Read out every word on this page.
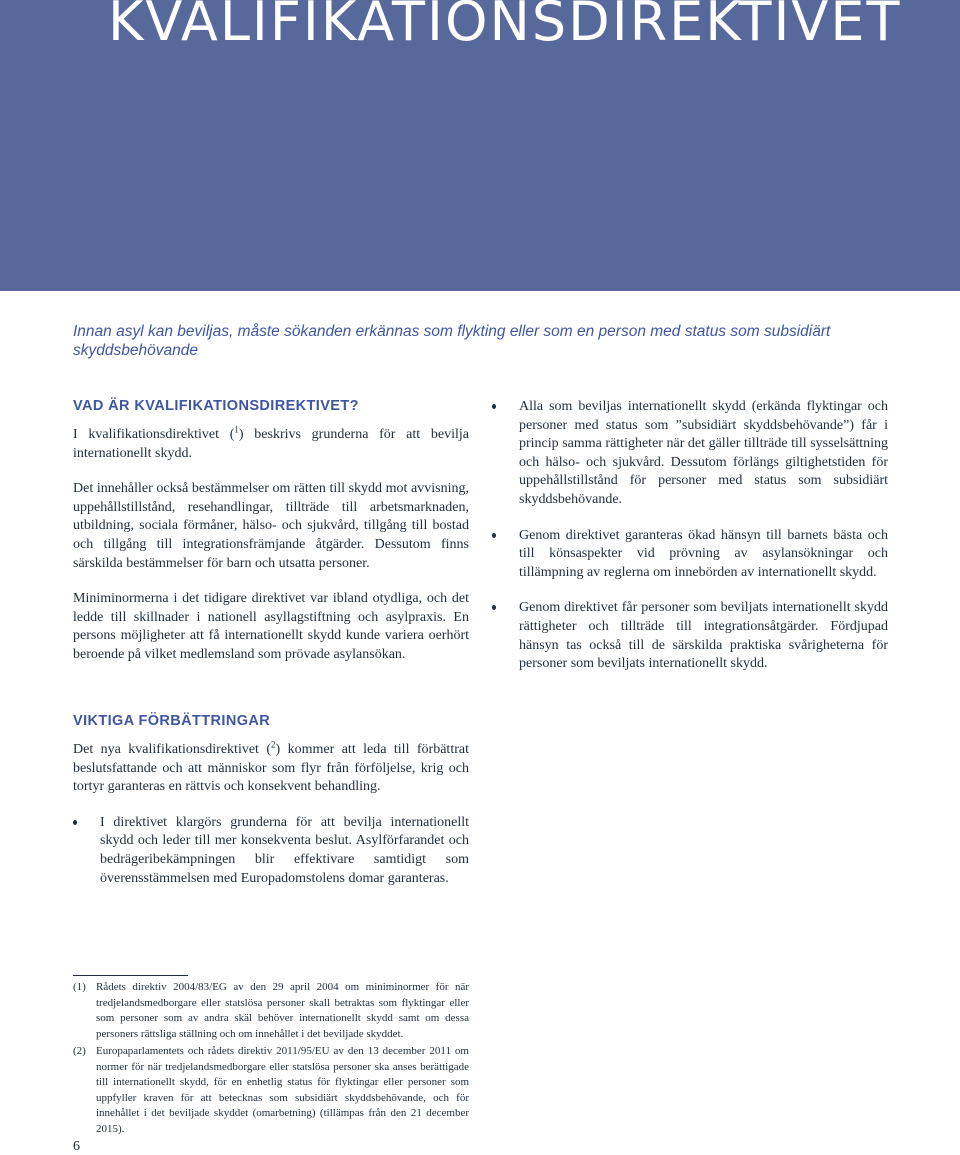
KVALIFIKATIONSDIREKTIVET
Innan asyl kan beviljas, måste sökanden erkännas som flykting eller som en person med status som subsidiärt skyddsbehövande
VAD ÄR KVALIFIKATIONSDIREKTIVET?

I kvalifikationsdirektivet ($^1$) beskrivs grunderna för att bevilja internationellt skydd.

Det innehåller också bestämmelser om rätten till skydd mot avvisning, uppehållstillstånd, resehandlingar, tillträde till arbetsmarknaden, utbildning, sociala förmåner, hälso- och sjukvård, tillgång till bostad och tillgång till integrationsfrämjande åtgärder. Dessutom finns särskilda bestämmelser för barn och utsatta personer.

Miniminormerna i det tidigare direktivet var ibland otydliga, och det ledde till skillnader i nationell asyllagstiftning och asylpraxis. En persons möjligheter att få internationellt skydd kunde variera oerhört beroende på vilket medlemsland som prövade asylansökan.

Alla som beviljas internationellt skydd (erkända flyktingar och personer med status som ”subsidiärt skyddsbehövande”) får i princip samma rättigheter när det gäller tillträde till sysselsättning och hälso- och sjukvård. Dessutom förlängs giltighetstiden för uppehållstillstånd för personer med status som subsidiärt skyddsbehövande.

Genom direktivet garanteras ökad hänsyn till barnets bästa och till könsaspekter vid prövning av asylansökningar och tillämpning av reglerna om innebörden av internationellt skydd.

Genom direktivet får personer som beviljats internationellt skydd rättigheter och tillträde till integrationsåtgärder. Fördjupad hänsyn tas också till de särskilda praktiska svårigheterna för personer som beviljats internationellt skydd.

VIKTIGA FÖRBÄTTRINGAR

Det nya kvalifikationsdirektivet ($^2$) kommer att leda till förbättrat beslutsfattande och att människor som flyr från förföljelse, krig och tortyr garanteras en rättvis och konsekvent behandling.

I direktivet klargörs grunderna för att bevilja internationellt skydd och leder till mer konsekventa beslut. Asylförfarandet och bedrägeribekämpningen blir effektivare samtidigt som överensstämmelsen med Europadomstolens domar garanteras.

(1) Rådets direktiv 2004/83/EG av den 29 april 2004 om miniminormer för när tredjelandsmedborgare eller statslösa personer skall betraktas som flyktingar eller som personer som av andra skäl behöver internationellt skydd samt om dessa personers rättsliga ställning och om innehållet i det beviljade skyddet.

(2) Europaparlamentets och rådets direktiv 2011/95/EU av den 13 december 2011 om normer för när tredjelandsmedborgare eller statslösa personer ska anses berättigade till internationellt skydd, för en enhetlig status för flyktingar eller personer som uppfyller kraven för att betecknas som subsidiärt skyddsbehövande, och för innehållet i det beviljade skyddet (omarbetning) (tillämpas från den 21 december 2015).

6
